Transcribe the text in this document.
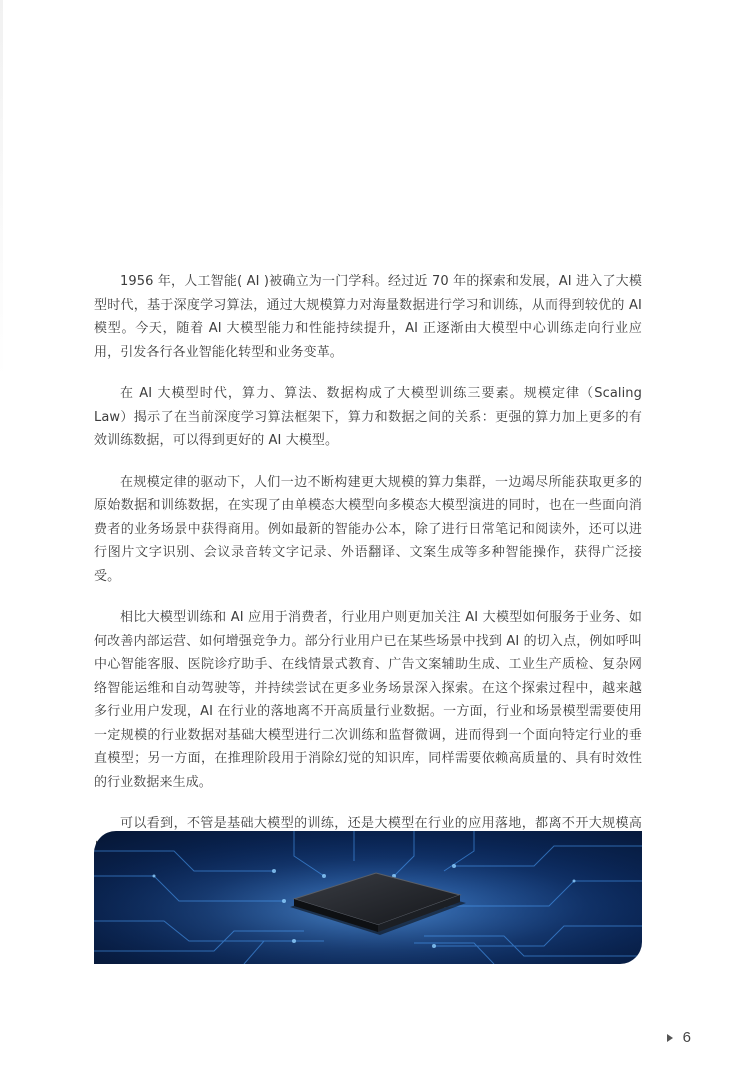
1956 年，人工智能( AI )被确立为一门学科。经过近 70 年的探索和发展，AI 进入了大模型时代，基于深度学习算法，通过大规模算力对海量数据进行学习和训练，从而得到较优的 AI 模型。今天，随着 AI 大模型能力和性能持续提升，AI 正逐渐由大模型中心训练走向行业应用，引发各行各业智能化转型和业务变革。

在 AI 大模型时代，算力、算法、数据构成了大模型训练三要素。规模定律（Scaling Law）揭示了在当前深度学习算法框架下，算力和数据之间的关系：更强的算力加上更多的有效训练数据，可以得到更好的 AI 大模型。

在规模定律的驱动下，人们一边不断构建更大规模的算力集群，一边竭尽所能获取更多的原始数据和训练数据，在实现了由单模态大模型向多模态大模型演进的同时，也在一些面向消费者的业务场景中获得商用。例如最新的智能办公本，除了进行日常笔记和阅读外，还可以进行图片文字识别、会议录音转文字记录、外语翻译、文案生成等多种智能操作，获得广泛接受。

相比大模型训练和 AI 应用于消费者，行业用户则更加关注 AI 大模型如何服务于业务、如何改善内部运营、如何增强竞争力。部分行业用户已在某些场景中找到 AI 的切入点，例如呼叫中心智能客服、医院诊疗助手、在线情景式教育、广告文案辅助生成、工业生产质检、复杂网络智能运维和自动驾驶等，并持续尝试在更多业务场景深入探索。在这个探索过程中，越来越多行业用户发现，AI 在行业的落地离不开高质量行业数据。一方面，行业和场景模型需要使用一定规模的行业数据对基础大模型进行二次训练和监督微调，进而得到一个面向特定行业的垂直模型；另一方面，在推理阶段用于消除幻觉的知识库，同样需要依赖高质量的、具有时效性的行业数据来生成。

可以看到，不管是基础大模型的训练，还是大模型在行业的应用落地，都离不开大规模高

6
